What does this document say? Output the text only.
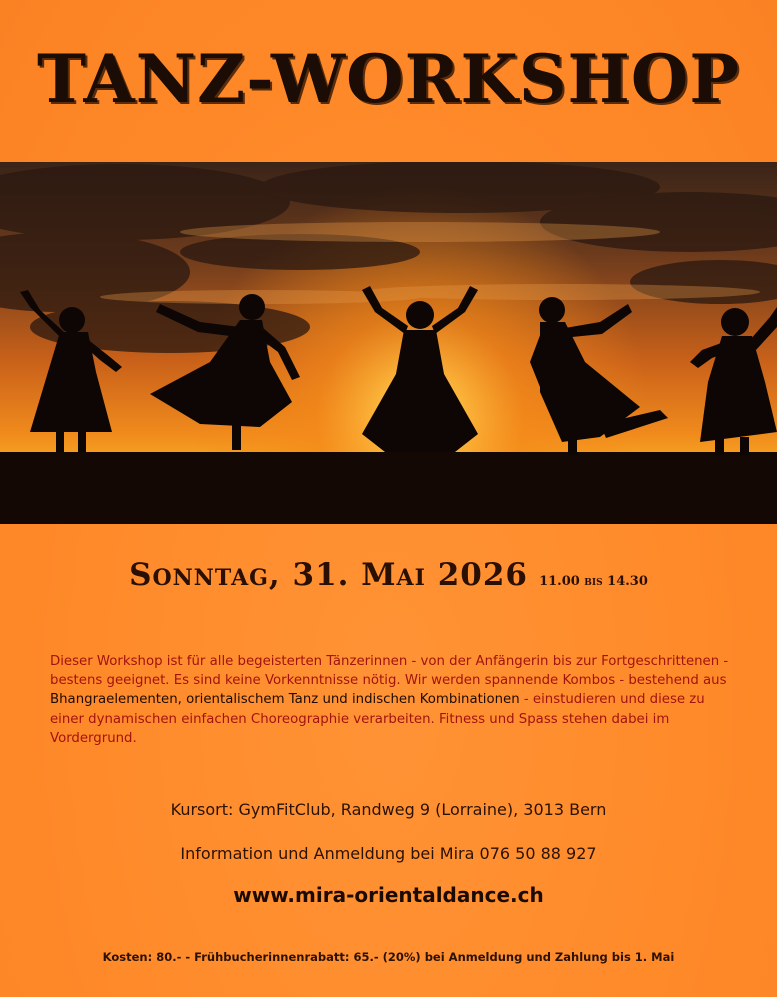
TANZ-WORKSHOP
Sonntag, 31. Mai 2026 11.00 bis 14.30
Dieser Workshop ist für alle begeisterten Tänzerinnen - von der Anfängerin bis zur Fortgeschrittenen - bestens geeignet. Es sind keine Vorkenntnisse nötig. Wir werden spannende Kombos - bestehend aus Bhangraelementen, orientalischem Tanz und indischen Kombinationen - einstudieren und diese zu einer dynamischen einfachen Choreographie verarbeiten. Fitness und Spass stehen dabei im Vordergrund.
Kursort: GymFitClub, Randweg 9 (Lorraine), 3013 Bern
Information und Anmeldung bei Mira 076 50 88 927
www.mira-orientaldance.ch
Kosten: 80.- - Frühbucherinnenrabatt: 65.- (20%) bei Anmeldung und Zahlung bis 1. Mai
